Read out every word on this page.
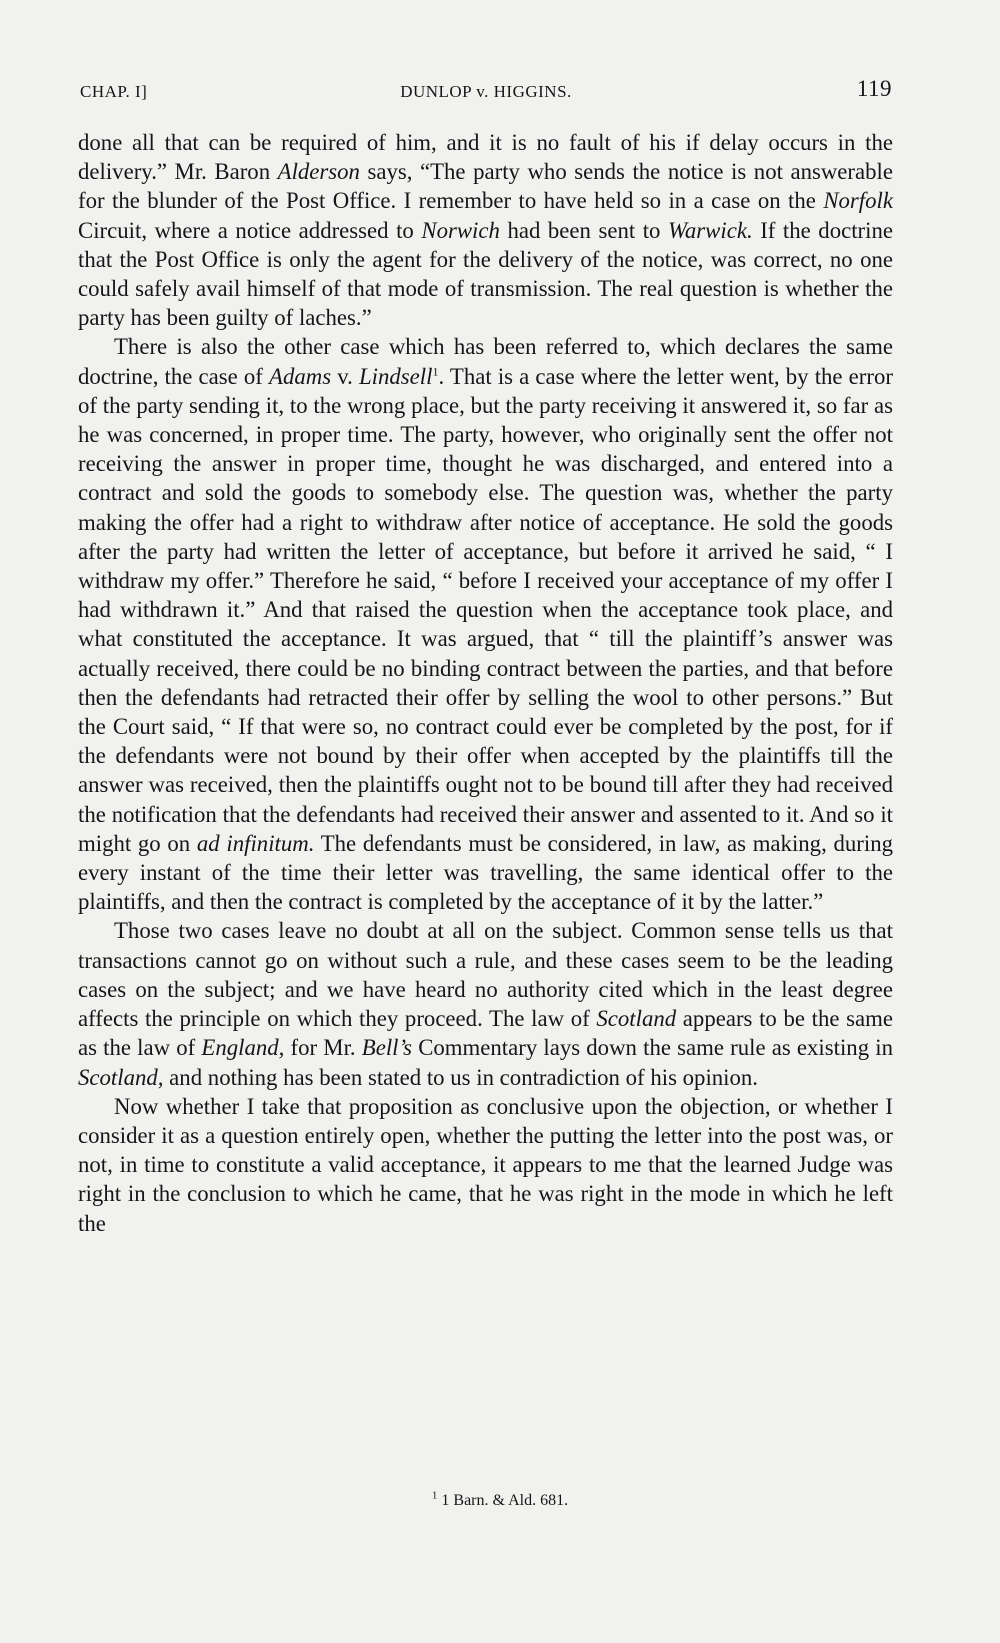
CHAP. I]	DUNLOP v. HIGGINS.	119

done all that can be required of him, and it is no fault of his if delay occurs in the delivery.” Mr. Baron Alderson says, “The party who sends the notice is not answerable for the blunder of the Post Office. I remember to have held so in a case on the Norfolk Circuit, where a notice addressed to Norwich had been sent to Warwick. If the doctrine that the Post Office is only the agent for the delivery of the notice, was correct, no one could safely avail himself of that mode of transmission. The real question is whether the party has been guilty of laches.”

There is also the other case which has been referred to, which declares the same doctrine, the case of Adams v. Lindsell$^1$. That is a case where the letter went, by the error of the party sending it, to the wrong place, but the party receiving it answered it, so far as he was concerned, in proper time. The party, however, who originally sent the offer not receiving the answer in proper time, thought he was discharged, and entered into a contract and sold the goods to somebody else. The question was, whether the party making the offer had a right to withdraw after notice of acceptance. He sold the goods after the party had written the letter of acceptance, but before it arrived he said, “ I withdraw my offer.” Therefore he said, “ before I received your acceptance of my offer I had withdrawn it.” And that raised the question when the acceptance took place, and what constituted the acceptance. It was argued, that “ till the plaintiff’s answer was actually received, there could be no binding contract between the parties, and that before then the defendants had retracted their offer by selling the wool to other persons.” But the Court said, “ If that were so, no contract could ever be completed by the post, for if the defendants were not bound by their offer when accepted by the plaintiffs till the answer was received, then the plaintiffs ought not to be bound till after they had received the notification that the defendants had received their answer and assented to it. And so it might go on ad infinitum. The defendants must be considered, in law, as making, during every instant of the time their letter was travelling, the same identical offer to the plaintiffs, and then the contract is completed by the acceptance of it by the latter.”

Those two cases leave no doubt at all on the subject. Common sense tells us that transactions cannot go on without such a rule, and these cases seem to be the leading cases on the subject; and we have heard no authority cited which in the least degree affects the principle on which they proceed. The law of Scotland appears to be the same as the law of England, for Mr. Bell’s Commentary lays down the same rule as existing in Scotland, and nothing has been stated to us in contradiction of his opinion.

Now whether I take that proposition as conclusive upon the objection, or whether I consider it as a question entirely open, whether the putting the letter into the post was, or not, in time to constitute a valid acceptance, it appears to me that the learned Judge was right in the conclusion to which he came, that he was right in the mode in which he left the

$^1$ 1 Barn. & Ald. 681.
